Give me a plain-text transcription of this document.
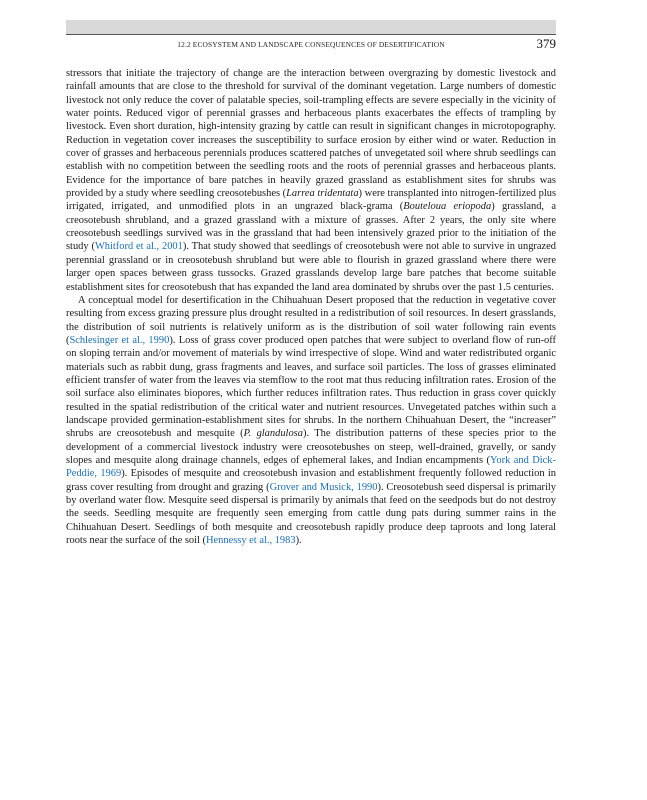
12.2 ECOSYSTEM AND LANDSCAPE CONSEQUENCES OF DESERTIFICATION	379

stressors that initiate the trajectory of change are the interaction between overgrazing by domestic livestock and rainfall amounts that are close to the threshold for survival of the dominant vegetation. Large numbers of domestic livestock not only reduce the cover of palatable species, soil-trampling effects are severe especially in the vicinity of water points. Reduced vigor of perennial grasses and herbaceous plants exacerbates the effects of trampling by livestock. Even short duration, high-intensity grazing by cattle can result in significant changes in microtopography. Reduction in vegetation cover increases the susceptibility to surface erosion by either wind or water. Reduction in cover of grasses and herbaceous perennials produces scattered patches of unvegetated soil where shrub seedlings can establish with no competition between the seedling roots and the roots of perennial grasses and herbaceous plants. Evidence for the importance of bare patches in heavily grazed grassland as establishment sites for shrubs was provided by a study where seedling creosotebushes (Larrea tridentata) were transplanted into nitrogen-fertilized plus irrigated, irrigated, and unmodified plots in an ungrazed black-grama (Bouteloua eriopoda) grassland, a creosotebush shrubland, and a grazed grassland with a mixture of grasses. After 2 years, the only site where creosotebush seedlings survived was in the grassland that had been intensively grazed prior to the initiation of the study (Whitford et al., 2001). That study showed that seedlings of creosotebush were not able to survive in ungrazed perennial grassland or in creosotebush shrubland but were able to flourish in grazed grassland where there were larger open spaces between grass tussocks. Grazed grasslands develop large bare patches that become suitable establishment sites for creosotebush that has expanded the land area dominated by shrubs over the past 1.5 centuries.

A conceptual model for desertification in the Chihuahuan Desert proposed that the reduction in vegetative cover resulting from excess grazing pressure plus drought resulted in a redistribution of soil resources. In desert grasslands, the distribution of soil nutrients is relatively uniform as is the distribution of soil water following rain events (Schlesinger et al., 1990). Loss of grass cover produced open patches that were subject to overland flow of run-off on sloping terrain and/or movement of materials by wind irrespective of slope. Wind and water redistributed organic materials such as rabbit dung, grass fragments and leaves, and surface soil particles. The loss of grasses eliminated efficient transfer of water from the leaves via stemflow to the root mat thus reducing infiltration rates. Erosion of the soil surface also eliminates biopores, which further reduces infiltration rates. Thus reduction in grass cover quickly resulted in the spatial redistribution of the critical water and nutrient resources. Unvegetated patches within such a landscape provided germination-establishment sites for shrubs. In the northern Chihuahuan Desert, the “increaser” shrubs are creosotebush and mesquite (P. glandulosa). The distribution patterns of these species prior to the development of a commercial livestock industry were creosotebushes on steep, well-drained, gravelly, or sandy slopes and mesquite along drainage channels, edges of ephemeral lakes, and Indian encampments (York and Dick-Peddie, 1969). Episodes of mesquite and creosotebush invasion and establishment frequently followed reduction in grass cover resulting from drought and grazing (Grover and Musick, 1990). Creosotebush seed dispersal is primarily by overland water flow. Mesquite seed dispersal is primarily by animals that feed on the seedpods but do not destroy the seeds. Seedling mesquite are frequently seen emerging from cattle dung pats during summer rains in the Chihuahuan Desert. Seedlings of both mesquite and creosotebush rapidly produce deep taproots and long lateral roots near the surface of the soil (Hennessy et al., 1983).
